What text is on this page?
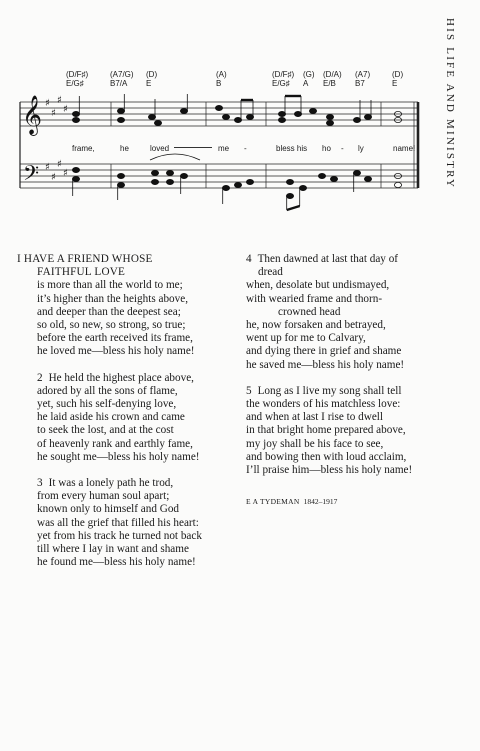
HIS LIFE AND MINISTRY
(D/F♯)
E/G♯
(A7/G)
B7/A
(D)
E
(A)
B
(D/F♯)
E/G♯
(G)
A
(D/A)
E/B
(A7)
B7
(D)
E
𝄞
𝄢
♯
♯
♯
♯
♯
♯
♯
♯
frame,	he	loved	me -	bless his ho - ly	name!

I HAVE A FRIEND WHOSE
FAITHFUL LOVE
is more than all the world to me;
it’s higher than the heights above,
and deeper than the deepest sea;
so old, so new, so strong, so true;
before the earth received its frame,
he loved me—bless his holy name!

2 He held the highest place above,
adored by all the sons of flame,
yet, such his self-denying love,
he laid aside his crown and came
to seek the lost, and at the cost
of heavenly rank and earthly fame,
he sought me—bless his holy name!

3 It was a lonely path he trod,
from every human soul apart;
known only to himself and God
was all the grief that filled his heart:
yet from his track he turned not back
till where I lay in want and shame
he found me—bless his holy name!

4 Then dawned at last that day of
dread
when, desolate but undismayed,
with wearied frame and thorn-
crowned head
he, now forsaken and betrayed,
went up for me to Calvary,
and dying there in grief and shame
he saved me—bless his holy name!

5 Long as I live my song shall tell
the wonders of his matchless love:
and when at last I rise to dwell
in that bright home prepared above,
my joy shall be his face to see,
and bowing then with loud acclaim,
I’ll praise him—bless his holy name!

E A TYDEMAN 1842–1917
